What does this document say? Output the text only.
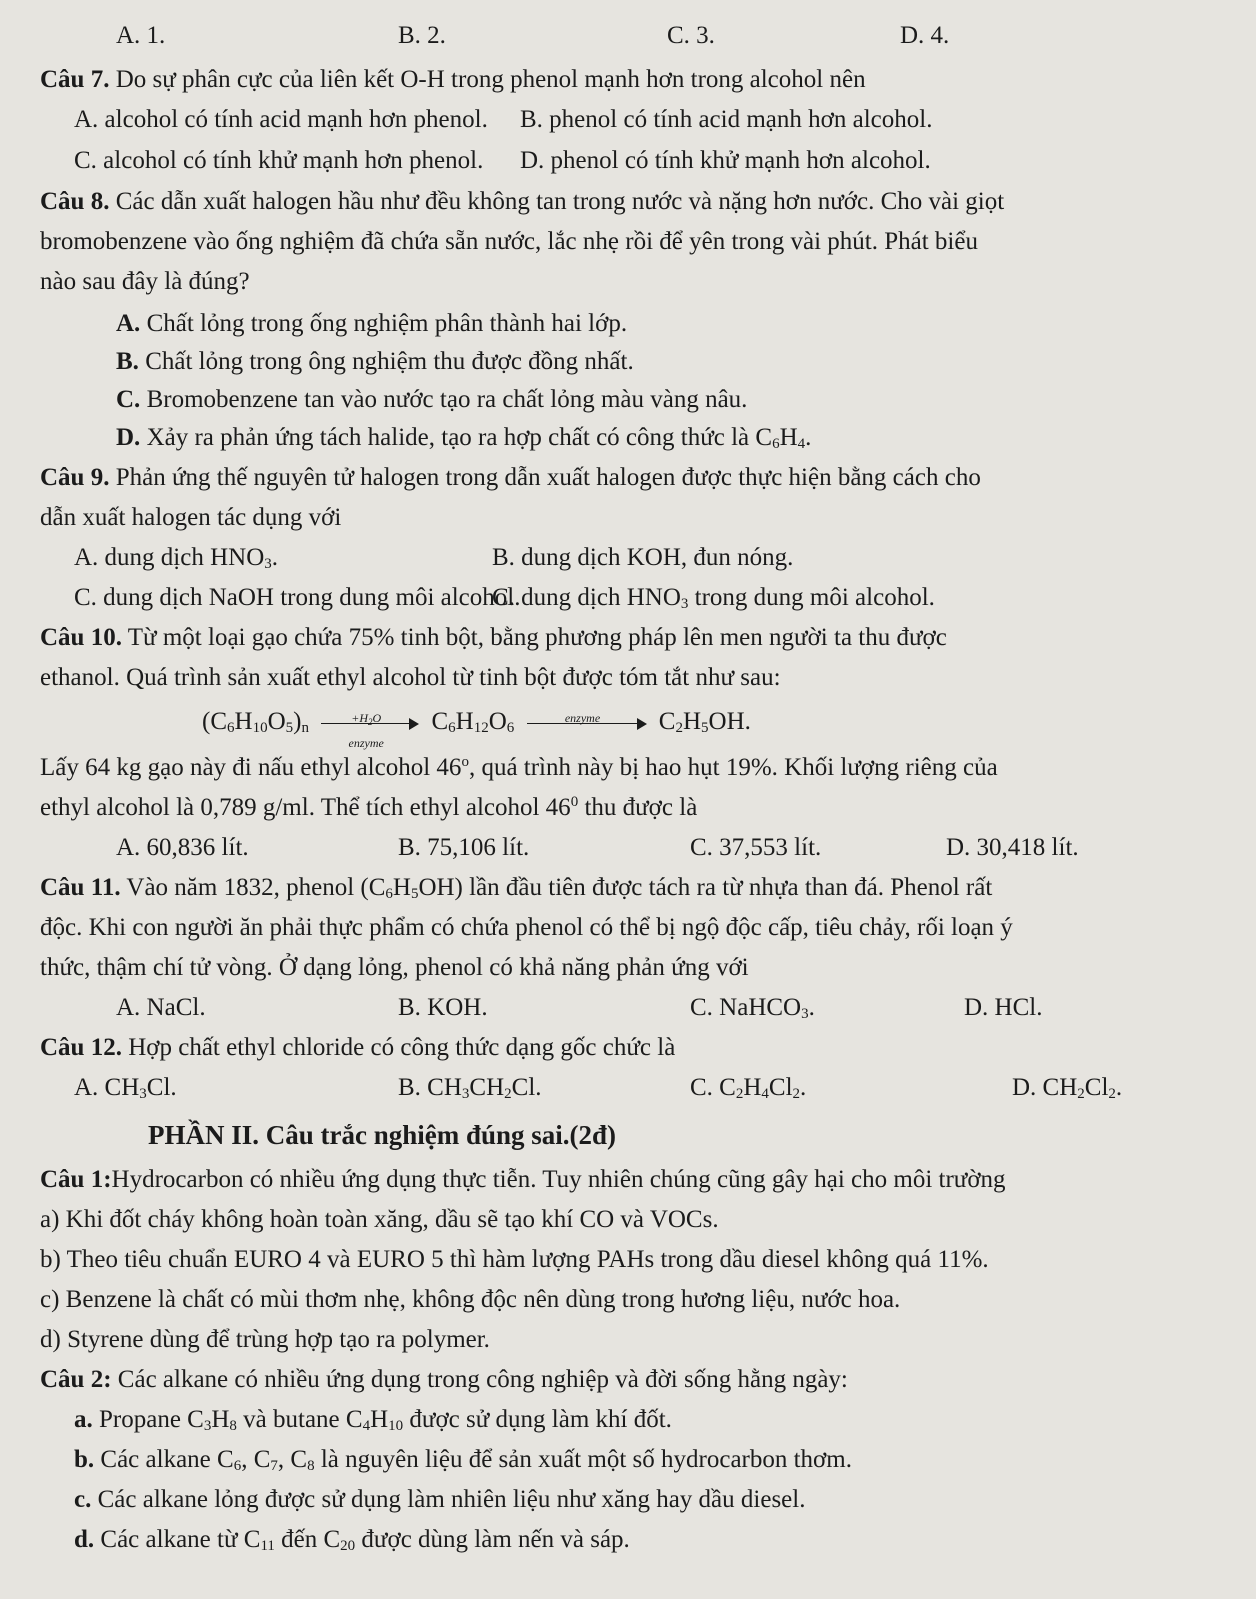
A. 1.	B. 2.	C. 3.	D. 4.
Câu 7. Do sự phân cực của liên kết O-H trong phenol mạnh hơn trong alcohol nên
A. alcohol có tính acid mạnh hơn phenol. B. phenol có tính acid mạnh hơn alcohol.
C. alcohol có tính khử mạnh hơn phenol. D. phenol có tính khử mạnh hơn alcohol.
Câu 8. Các dẫn xuất halogen hầu như đều không tan trong nước và nặng hơn nước. Cho vài giọt
bromobenzene vào ống nghiệm đã chứa sẵn nước, lắc nhẹ rồi để yên trong vài phút. Phát biểu
nào sau đây là đúng?
A. Chất lỏng trong ống nghiệm phân thành hai lớp.
B. Chất lỏng trong ông nghiệm thu được đồng nhất.
C. Bromobenzene tan vào nước tạo ra chất lỏng màu vàng nâu.
D. Xảy ra phản ứng tách halide, tạo ra hợp chất có công thức là $C_6H_4$.
Câu 9. Phản ứng thế nguyên tử halogen trong dẫn xuất halogen được thực hiện bằng cách cho
dẫn xuất halogen tác dụng với
A. dung dịch $HNO_3$.	B. dung dịch KOH, đun nóng.
C. dung dịch NaOH trong dung môi alcohol.
C. dung dịch $HNO_3$ trong dung môi alcohol.
Câu 10. Từ một loại gạo chứa 75% tinh bột, bằng phương pháp lên men người ta thu được
ethanol. Quá trình sản xuất ethyl alcohol từ tinh bột được tóm tắt như sau:
$(C_6H_{10}O_5)_n$
$+H_2O$
enzyme
$C_6H_{12}O_6$
enzyme	$C_2H_5OH$.
Lấy 64 kg gạo này đi nấu ethyl alcohol 46$^o$, quá trình này bị hao hụt 19%. Khối lượng riêng của
ethyl alcohol là 0,789 g/ml. Thể tích ethyl alcohol $46^0$ thu được là
A. 60,836 lít.	B. 75,106 lít.	C. 37,553 lít.	D. 30,418 lít.
Câu 11. Vào năm 1832, phenol $(C_6H_5OH)$ lần đầu tiên được tách ra từ nhựa than đá. Phenol rất
độc. Khi con người ăn phải thực phẩm có chứa phenol có thể bị ngộ độc cấp, tiêu chảy, rối loạn ý
thức, thậm chí tử vòng. Ở dạng lỏng, phenol có khả năng phản ứng với
A. NaCl.	B. KOH.	C. NaHCO$_3$.	D. HCl.
Câu 12. Hợp chất ethyl chloride có công thức dạng gốc chức là
A. $CH_3Cl$.	B. $CH_3CH_2Cl$.	C. $C_2H_4Cl_2$.	D. $CH_2Cl_2$.
PHẦN II. Câu trắc nghiệm đúng sai.(2đ)
Câu 1:Hydrocarbon có nhiều ứng dụng thực tiễn. Tuy nhiên chúng cũng gây hại cho môi trường
a) Khi đốt cháy không hoàn toàn xăng, dầu sẽ tạo khí CO và VOCs.
b) Theo tiêu chuẩn EURO 4 và EURO 5 thì hàm lượng PAHs trong dầu diesel không quá 11%.
c) Benzene là chất có mùi thơm nhẹ, không độc nên dùng trong hương liệu, nước hoa.
d) Styrene dùng để trùng hợp tạo ra polymer.
Câu 2: Các alkane có nhiều ứng dụng trong công nghiệp và đời sống hằng ngày:
a. Propane $C_3H_8$ và butane $C_4H_{10}$ được sử dụng làm khí đốt.
b. Các alkane $C_6$, $C_7$, $C_8$ là nguyên liệu để sản xuất một số hydrocarbon thơm.
c. Các alkane lỏng được sử dụng làm nhiên liệu như xăng hay dầu diesel.
d. Các alkane từ $C_{11}$ đến $C_{20}$ được dùng làm nến và sáp.
